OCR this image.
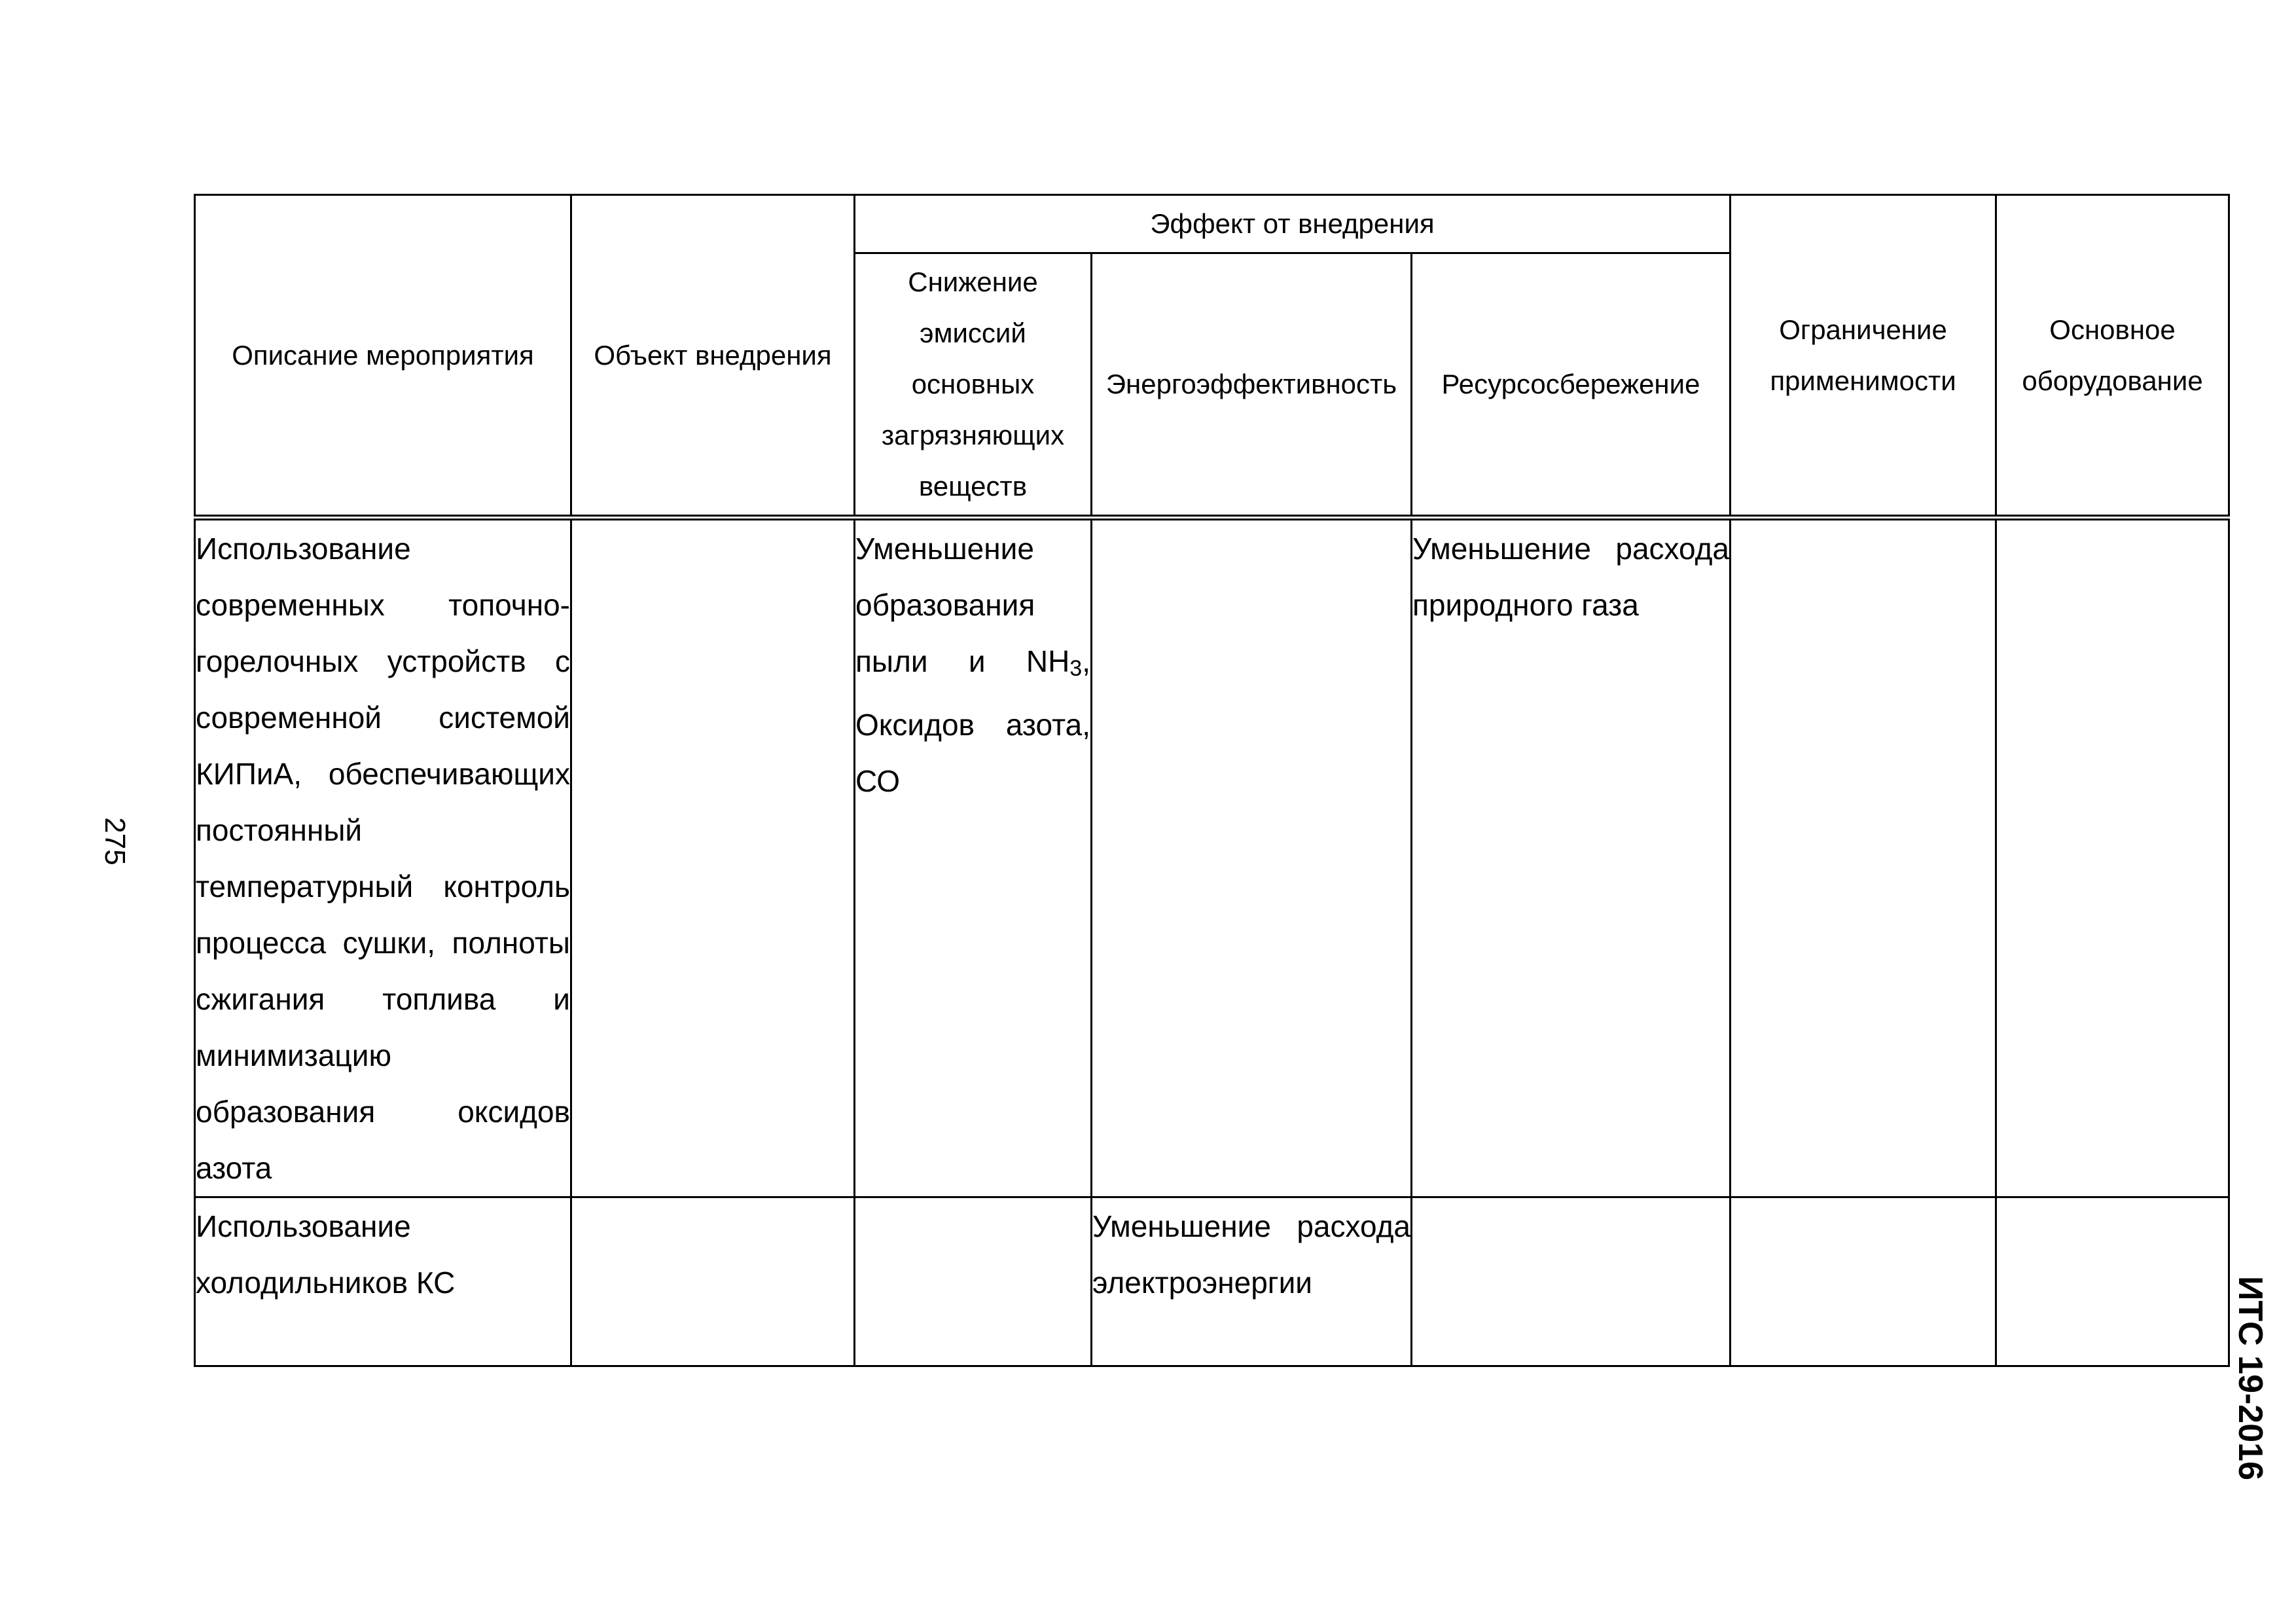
275
ИТС 19-2016
Описание мероприятия	Объект внедрения	Эффект от внедрения			Ограничение применимости	Основное оборудование
		Снижение эмиссий основных загрязняющих веществ	Энергоэффективность	Ресурсосбережение		

Использование современных топочно-горелочных устройств с современной системой КИПиА, обеспечивающих постоянный температурный контроль процесса сушки, полноты сжигания топлива и минимизацию образования оксидов азота		Уменьшение образования пыли и $NH_3$, Оксидов азота, СО		Уменьшение расхода природного газа		
Использование холодильников КС			Уменьшение расхода электроэнергии			
